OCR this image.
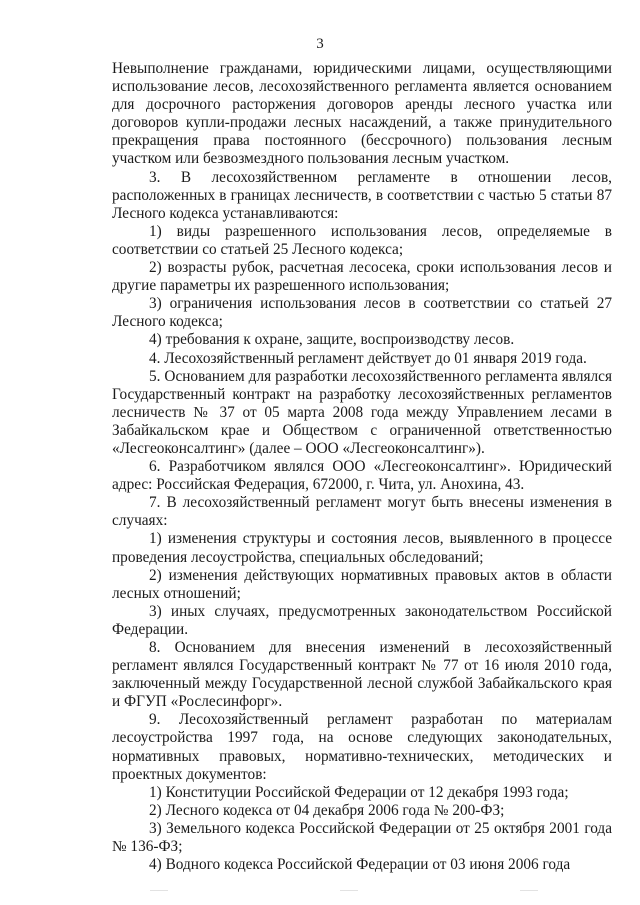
3

Невыполнение гражданами, юридическими лицами, осуществляющими использование лесов, лесохозяйственного регламента является основанием для досрочного расторжения договоров аренды лесного участка или договоров купли-продажи лесных насаждений, а также принудительного прекращения права постоянного (бессрочного) пользования лесным участком или безвозмездного пользования лесным участком.

3. В лесохозяйственном регламенте в отношении лесов, расположенных в границах лесничеств, в соответствии с частью 5 статьи 87 Лесного кодекса устанавливаются:

1) виды разрешенного использования лесов, определяемые в соответствии со статьей 25 Лесного кодекса;

2) возрасты рубок, расчетная лесосека, сроки использования лесов и другие параметры их разрешенного использования;

3) ограничения использования лесов в соответствии со статьей 27 Лесного кодекса;

4) требования к охране, защите, воспроизводству лесов.

4. Лесохозяйственный регламент действует до 01 января 2019 года.

5. Основанием для разработки лесохозяйственного регламента являлся Государственный контракт на разработку лесохозяйственных регламентов лесничеств № 37 от 05 марта 2008 года между Управлением лесами в Забайкальском крае и Обществом с ограниченной ответственностью «Лесгеоконсалтинг» (далее – ООО «Лесгеоконсалтинг»).

6. Разработчиком являлся ООО «Лесгеоконсалтинг». Юридический адрес: Российская Федерация, 672000, г. Чита, ул. Анохина, 43.

7. В лесохозяйственный регламент могут быть внесены изменения в случаях:

1) изменения структуры и состояния лесов, выявленного в процессе проведения лесоустройства, специальных обследований;

2) изменения действующих нормативных правовых актов в области лесных отношений;

3) иных случаях, предусмотренных законодательством Российской Федерации.

8. Основанием для внесения изменений в лесохозяйственный регламент являлся Государственный контракт № 77 от 16 июля 2010 года, заключенный между Государственной лесной службой Забайкальского края и ФГУП «Рослесинфорг».

9. Лесохозяйственный регламент разработан по материалам лесоустройства 1997 года, на основе следующих законодательных, нормативных правовых, нормативно-технических, методических и проектных документов:

1) Конституции Российской Федерации от 12 декабря 1993 года;

2) Лесного кодекса от 04 декабря 2006 года № 200-ФЗ;

3) Земельного кодекса Российской Федерации от 25 октября 2001 года № 136-ФЗ;

4) Водного кодекса Российской Федерации от 03 июня 2006 года
